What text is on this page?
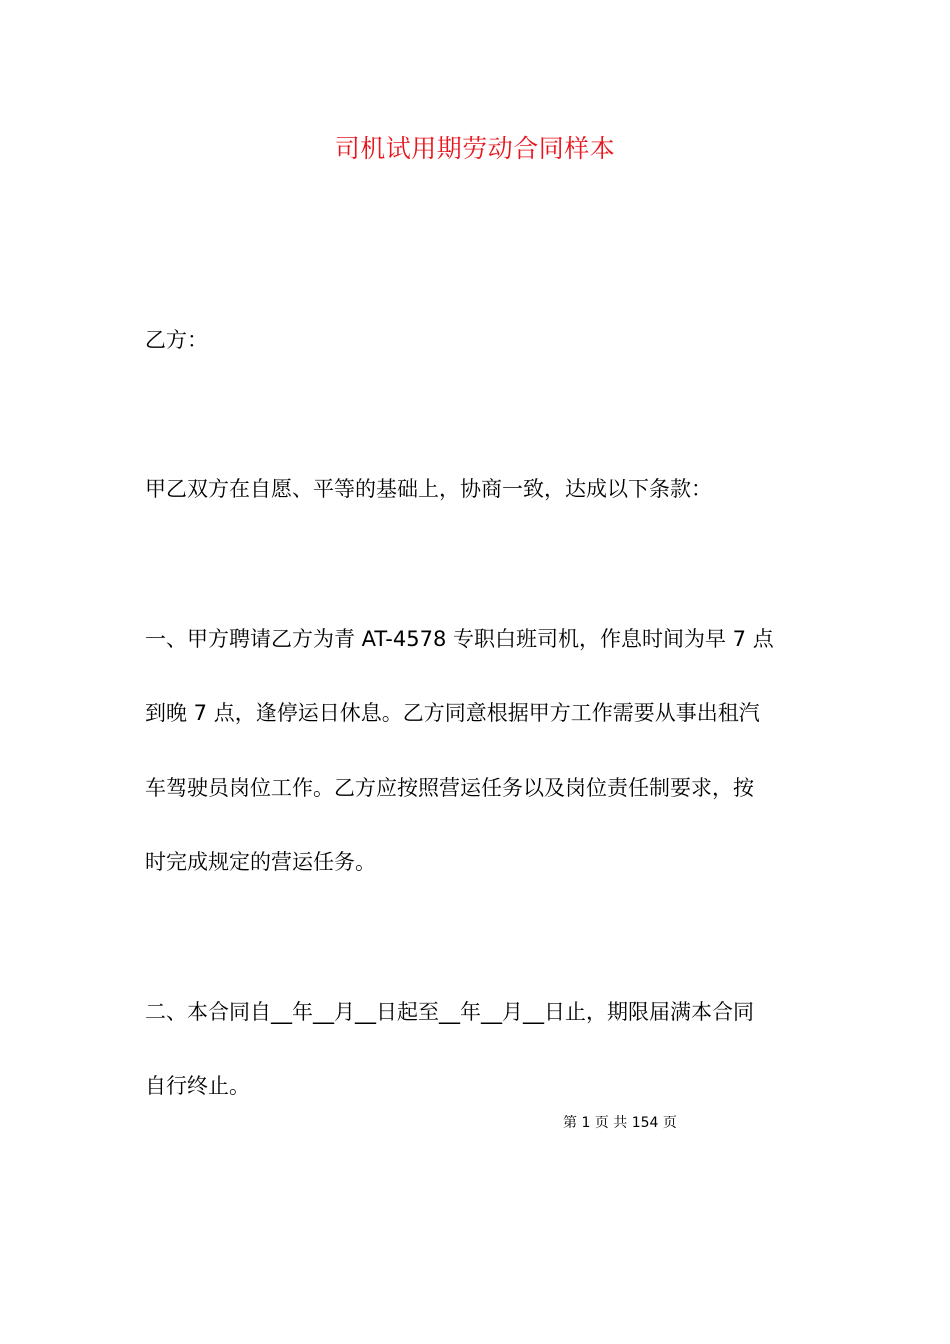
司机试用期劳动合同样本
乙方：
甲乙双方在自愿、平等的基础上，协商一致，达成以下条款：
一、甲方聘请乙方为青 AT-4578 专职白班司机，作息时间为早 7 点
到晚 7 点，逢停运日休息。乙方同意根据甲方工作需要从事出租汽
车驾驶员岗位工作。乙方应按照营运任务以及岗位责任制要求，按
时完成规定的营运任务。
二、本合同自__年__月__日起至__年__月__日止，期限届满本合同
自行终止。
第 1 页 共 154 页
